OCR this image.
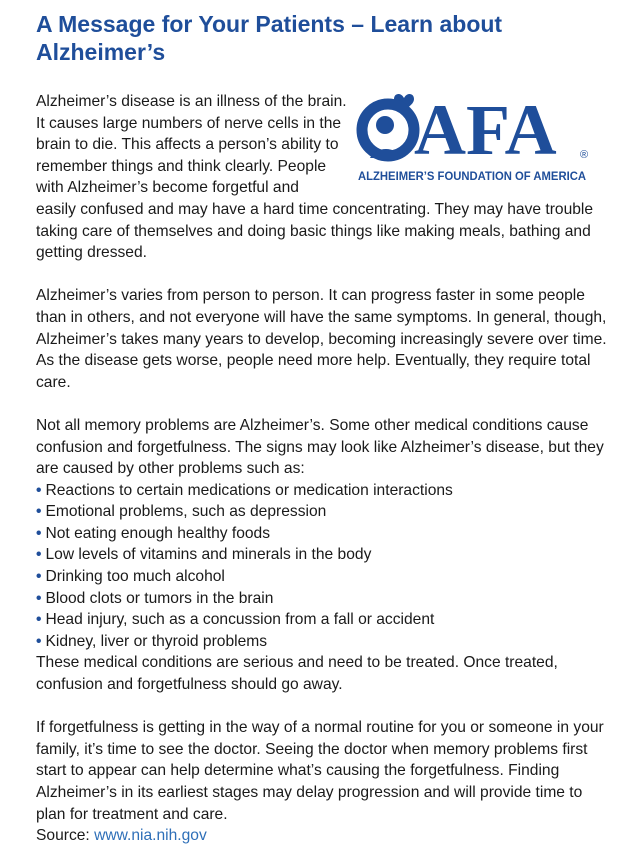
A Message for Your Patients – Learn about Alzheimer’s
AFA ®
ALZHEIMER’S FOUNDATION OF AMERICA
Alzheimer’s disease is an illness of the brain.
It causes large numbers of nerve cells in the
brain to die. This affects a person’s ability to
remember things and think clearly. People
with Alzheimer’s become forgetful and

easily confused and may have a hard time concentrating. They may have trouble taking care of themselves and doing basic things like making meals, bathing and getting dressed.

Alzheimer’s varies from person to person. It can progress faster in some people than in others, and not everyone will have the same symptoms. In general, though, Alzheimer’s takes many years to develop, becoming increasingly severe over time. As the disease gets worse, people need more help. Eventually, they require total care.

Not all memory problems are Alzheimer’s. Some other medical conditions cause confusion and forgetfulness. The signs may look like Alzheimer’s disease, but they are caused by other problems such as:

• Reactions to certain medications or medication interactions
• Emotional problems, such as depression
• Not eating enough healthy foods
• Low levels of vitamins and minerals in the body
• Drinking too much alcohol
• Blood clots or tumors in the brain
• Head injury, such as a concussion from a fall or accident
• Kidney, liver or thyroid problems

These medical conditions are serious and need to be treated. Once treated, confusion and forgetfulness should go away.

If forgetfulness is getting in the way of a normal routine for you or someone in your family, it’s time to see the doctor. Seeing the doctor when memory problems first start to appear can help determine what’s causing the forgetfulness. Finding Alzheimer’s in its earliest stages may delay progression and will provide time to plan for treatment and care.

Source: www.nia.nih.gov
